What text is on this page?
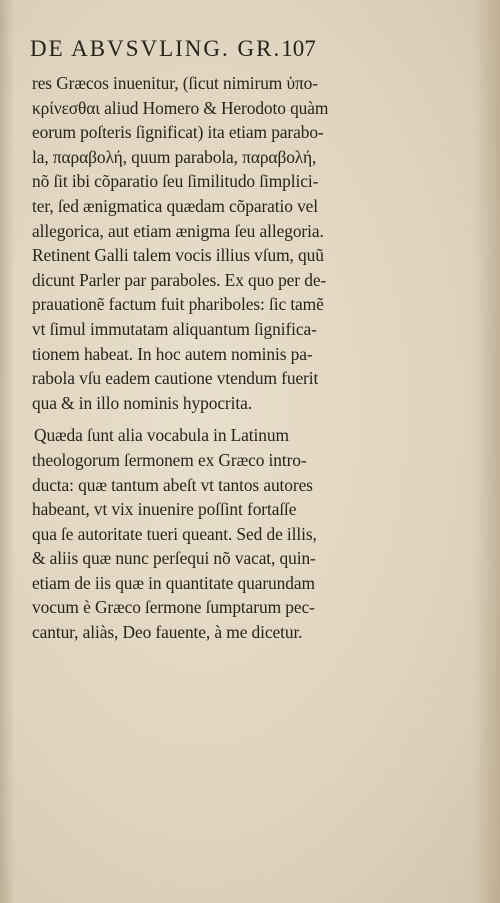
DE ABVSVLING. GR.107
res Græcos inuenitur, (ſicut nimirum ὑπο-
κρίνεσθαι aliud Homero & Herodoto quàm
eorum poſteris ſignificat) ita etiam parabo-
la, παραβολή, quum parabola, παραβολή,
nõ ſit ibi cõparatio ſeu ſimilitudo ſimplici-
ter, ſed ænigmatica quædam cõparatio vel
allegorica, aut etiam ænigma ſeu allegoria.
Retinent Galli talem vocis illius vſum, quũ
dicunt Parler par paraboles. Ex quo per de-
prauationẽ factum fuit phariboles: ſic tamẽ
vt ſimul immutatam aliquantum ſignifica-
tionem habeat. In hoc autem nominis pa-
rabola vſu eadem cautione vtendum fuerit
qua & in illo nominis hypocrita.
Quæda ſunt alia vocabula in Latinum
theologorum ſermonem ex Græco intro-
ducta: quæ tantum abeſt vt tantos autores
habeant, vt vix inuenire poſſint fortaſſe
qua ſe autoritate tueri queant. Sed de illis,
& aliis quæ nunc perſequi nõ vacat, quin-
etiam de iis quæ in quantitate quarundam
vocum è Græco ſermone ſumptarum pec-
cantur, aliàs, Deo fauente, à me dicetur.
